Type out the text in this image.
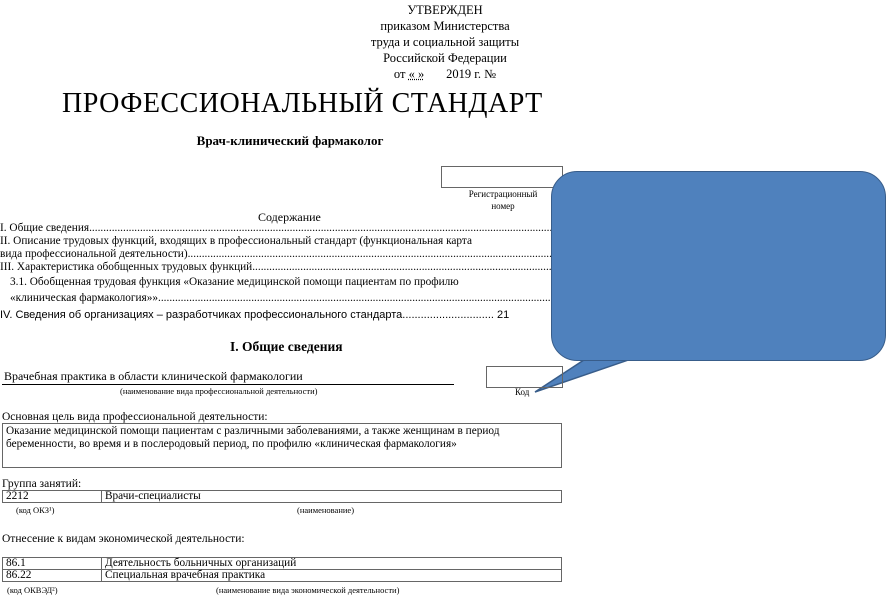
УТВЕРЖДЕН
приказом Министерства
труда и социальной защиты
Российской Федерации
от « »       2019 г. №
ПРОФЕССИОНАЛЬНЫЙ СТАНДАРТ
Врач-клинический фармаколог
Регистрационный номер
Содержание
I. Общие сведения .....
II. Описание трудовых функций, входящих в профессиональный стандарт (функциональная карта
вида профессиональной деятельности) .....
III. Характеристика обобщенных трудовых функций .....
3.1. Обобщенная трудовая функция «Оказание медицинской помощи пациентам по профилю
«клиническая фармакология»» .....
IV. Сведения об организациях – разработчиках профессионального стандарта.............................. 21
I. Общие сведения
Врачебная практика в области клинической фармакологии
(наименование вида профессиональной деятельности)	Код
Основная цель вида профессиональной деятельности:
Оказание медицинской помощи пациентам с различными заболеваниями, а также женщинам в период беременности, во время и в послеродовый период, по профилю «клиническая фармакология»
Группа занятий:
2212	Врачи-специалисты
(код ОКЗ¹)	(наименование)
Отнесение к видам экономической деятельности:
86.1	Деятельность больничных организаций
86.22	Специальная врачебная практика
(код ОКВЭД²)	(наименование вида экономической деятельности)
